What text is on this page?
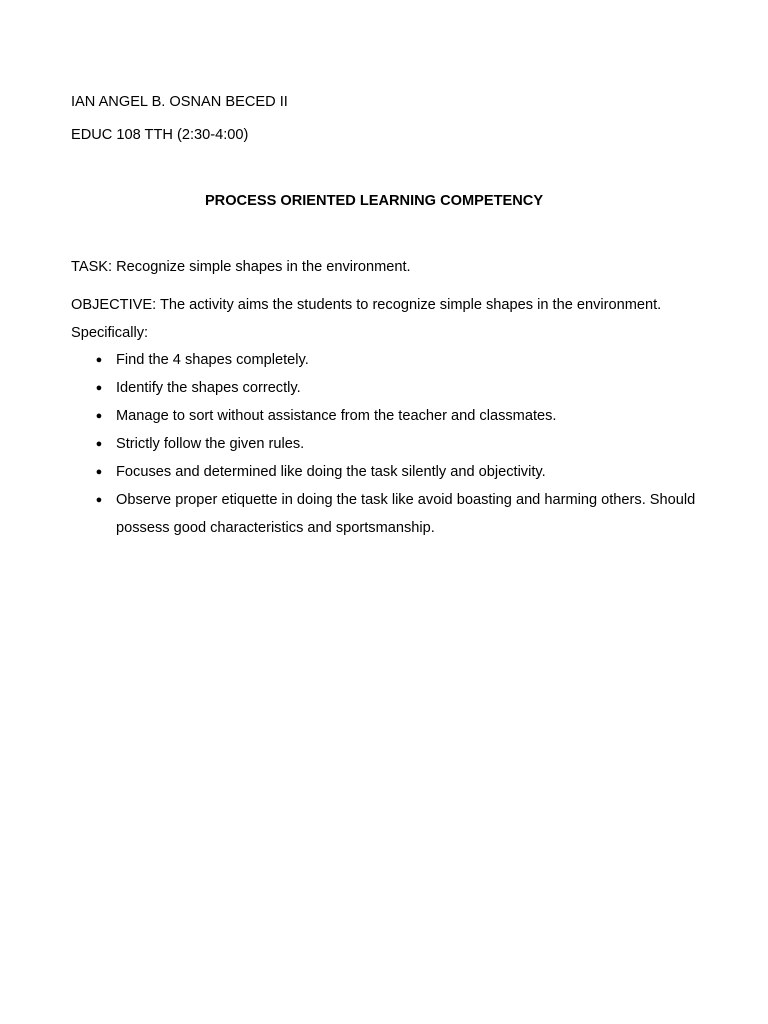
IAN ANGEL B. OSNAN BECED II
EDUC 108 TTH (2:30-4:00)
PROCESS ORIENTED LEARNING COMPETENCY
TASK: Recognize simple shapes in the environment.
OBJECTIVE: The activity aims the students to recognize simple shapes in the environment. Specifically:
● Find the 4 shapes completely.
● Identify the shapes correctly.
● Manage to sort without assistance from the teacher and classmates.
● Strictly follow the given rules.
● Focuses and determined like doing the task silently and objectivity.
● Observe proper etiquette in doing the task like avoid boasting and harming others. Should possess good characteristics and sportsmanship.
